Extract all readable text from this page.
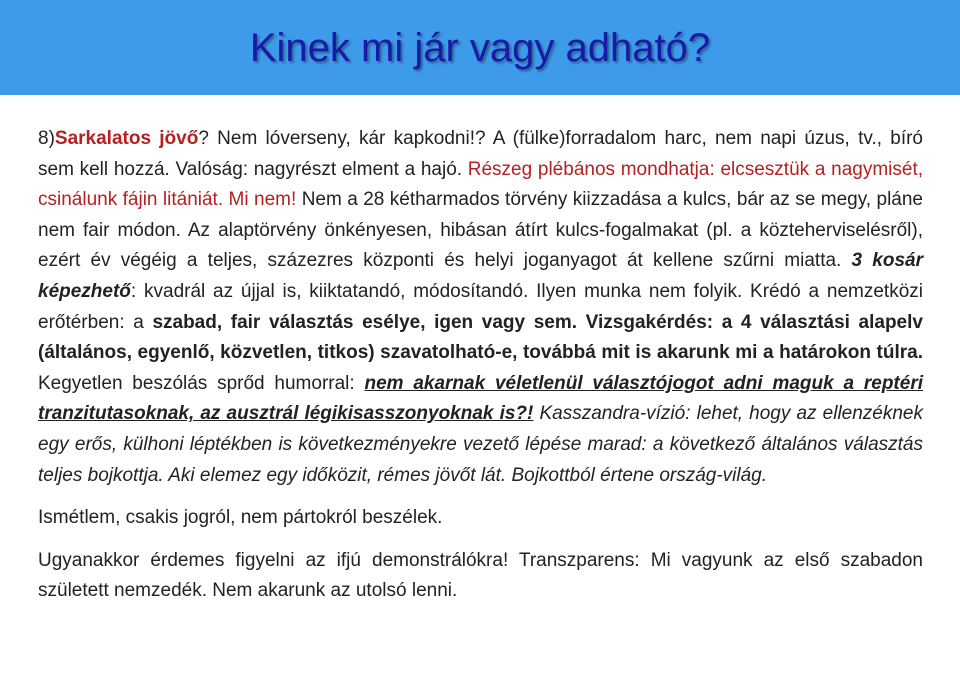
Kinek mi jár vagy adható?

8)Sarkalatos jövő? Nem lóverseny, kár kapkodni!? A (fülke)forradalom harc, nem napi úzus, tv., bíró sem kell hozzá. Valóság: nagyrészt elment a hajó. Részeg plébános mondhatja: elcsesztük a nagymisét, csinálunk fájin litániát. Mi nem! Nem a 28 kétharmados törvény kiizzadása a kulcs, bár az se megy, pláne nem fair módon. Az alaptörvény önkényesen, hibásan átírt kulcs-fogalmakat (pl. a közteherviselésről), ezért év végéig a teljes, százezres központi és helyi joganyagot át kellene szűrni miatta. 3 kosár képezhető: kvadrál az újjal is, kiiktatandó, módosítandó. Ilyen munka nem folyik. Krédó a nemzetközi erőtérben: a szabad, fair választás esélye, igen vagy sem. Vizsgakérdés: a 4 választási alapelv (általános, egyenlő, közvetlen, titkos) szavatolható-e, továbbá mit is akarunk mi a határokon túlra. Kegyetlen beszólás sprőd humorral: nem akarnak véletlenül választójogot adni maguk a reptéri tranzitutasoknak, az ausztrál légikisasszonyoknak is?! Kasszandra-vízió: lehet, hogy az ellenzéknek egy erős, külhoni léptékben is következményekre vezető lépése marad: a következő általános választás teljes bojkottja. Aki elemez egy időközit, rémes jövőt lát. Bojkottból értene ország-világ.

Ismétlem, csakis jogról, nem pártokról beszélek.

Ugyanakkor érdemes figyelni az ifjú demonstrálókra! Transzparens: Mi vagyunk az első szabadon született nemzedék. Nem akarunk az utolsó lenni.
